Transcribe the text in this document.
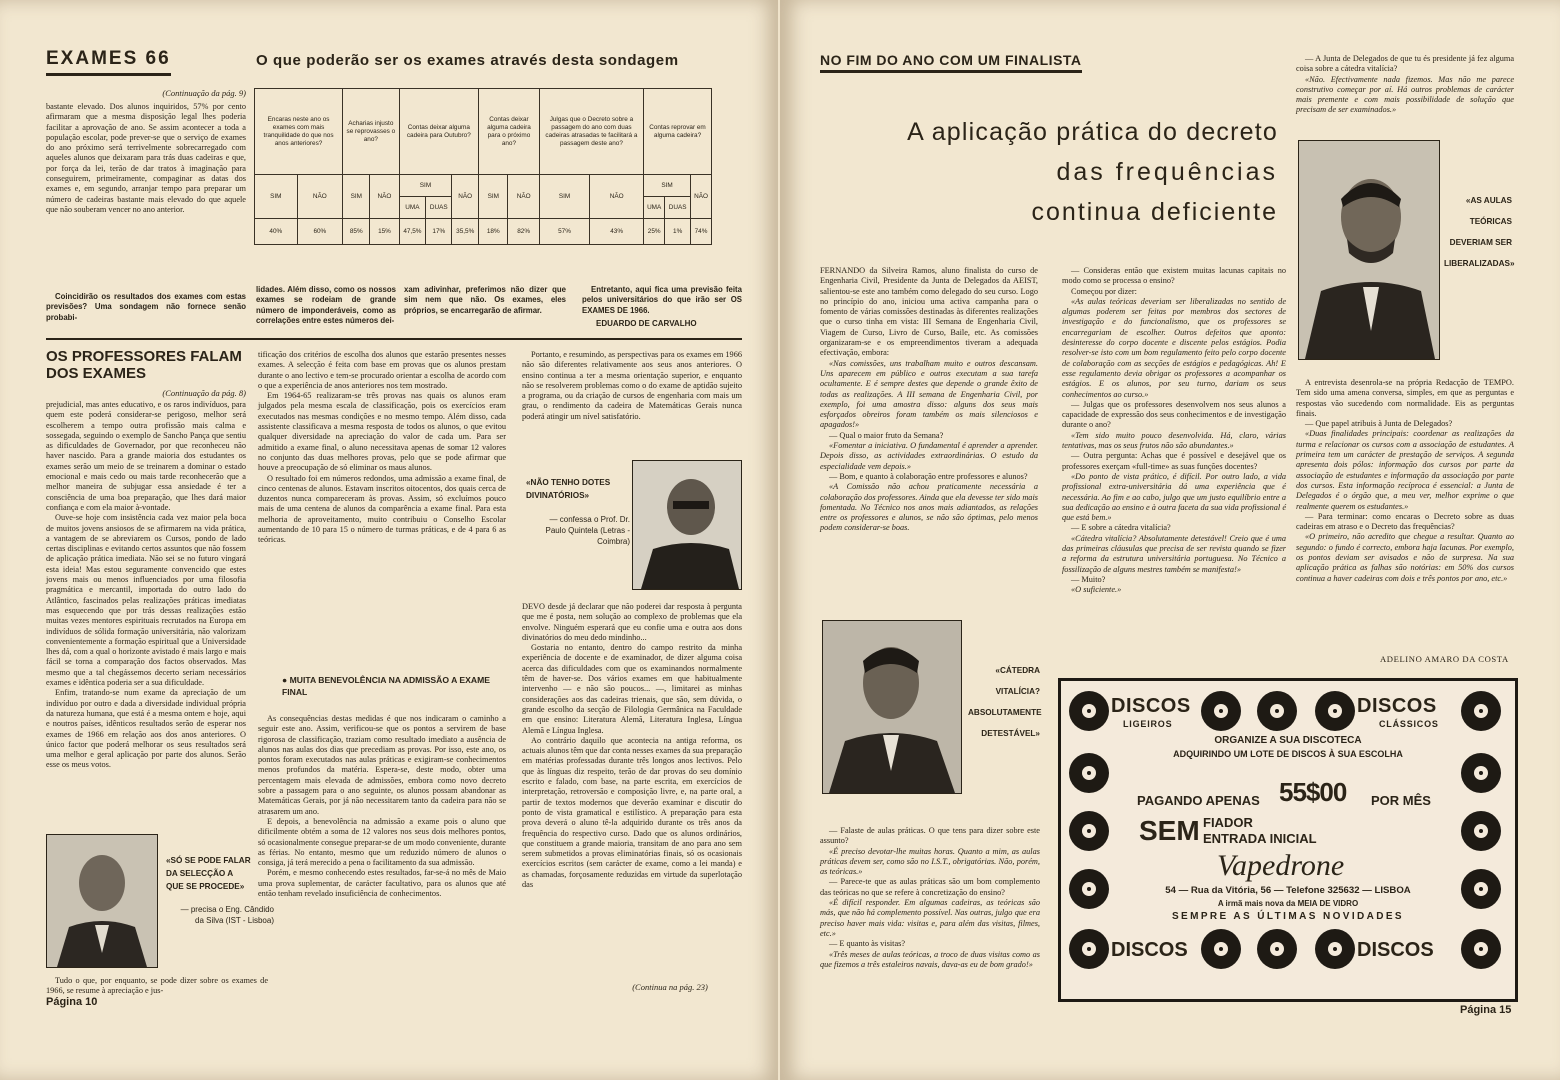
EXAMES 66	O que poderão ser os exames através desta sondagem
(Continuação da pág. 9)

bastante elevado. Dos alunos inquiridos, 57% por cento afirmaram que a mesma disposição legal lhes poderia facilitar a aprovação de ano. Se assim acontecer a toda a população escolar, pode prever-se que o serviço de exames do ano próximo será terrivelmente sobrecarregado com aqueles alunos que deixaram para trás duas cadeiras e que, por força da lei, terão de dar tratos à imaginação para conseguirem, primeiramente, compaginar as datas dos exames e, em segundo, arranjar tempo para preparar um número de cadeiras bastante mais elevado do que aquele que não souberam vencer no ano anterior.

Coincidirão os resultados dos exames com estas previsões? Uma sondagem não fornece senão probabi-

Encaras neste ano os exames com mais tranquilidade do que nos anos anteriores?		Acharias injusto se reprovasses o ano?		Contas deixar alguma cadeira para Outubro?			Contas deixar alguma cadeira para o próximo ano?		Julgas que o Decreto sobre a passagem do ano com duas cadeiras atrasadas te facilitará a passagem deste ano?		Contas reprovar em alguma cadeira?		
SIM	NÃO	SIM	NÃO	SIM		NÃO	SIM	NÃO	SIM	NÃO	SIM		NÃO
				UMA	DUAS						UMA	DUAS	
40%	60%	85%	15%	47,5%	17%	35,5%	18%	82%	57%	43%	25%	1%	74%

lidades. Além disso, como os nossos exames se rodeiam de grande número de imponderáveis, como as correlações entre estes números dei-

xam adivinhar, preferimos não dizer que sim nem que não. Os exames, eles próprios, se encarregarão de afirmar.

Entretanto, aqui fica uma previsão feita pelos universitários do que irão ser OS EXAMES DE 1966.

EDUARDO DE CARVALHO
OS PROFESSORES FALAM DOS EXAMES
(Continuação da pág. 8)

prejudicial, mas antes educativo, e os raros indivíduos, para quem este poderá considerar-se perigoso, melhor será escolherem a tempo outra profissão mais calma e sossegada, seguindo o exemplo de Sancho Pança que sentiu as dificuldades de Governador, por que reconheceu não haver nascido. Para a grande maioria dos estudantes os exames serão um meio de se treinarem a dominar o estado emocional e mais cedo ou mais tarde reconhecerão que a melhor maneira de subjugar essa ansiedade é ter a consciência de uma boa preparação, que lhes dará maior confiança e com ela maior à-vontade.

Ouve-se hoje com insistência cada vez maior pela boca de muitos jovens ansiosos de se afirmarem na vida prática, a vantagem de se abreviarem os Cursos, pondo de lado certas disciplinas e evitando certos assuntos que não fossem de aplicação prática imediata. Não sei se no futuro vingará esta ideia! Mas estou seguramente convencido que estes jovens mais ou menos influenciados por uma filosofia pragmática e mercantil, importada do outro lado do Atlântico, fascinados pelas realizações práticas imediatas mas esquecendo que por trás dessas realizações estão muitas vezes mentores espirituais recrutados na Europa em indivíduos de sólida formação universitária, não valorizam convenientemente a formação espiritual que a Universidade lhes dá, com a qual o horizonte avistado é mais largo e mais fácil se torna a comparação dos factos observados. Mas mesmo que a tal chegássemos decerto seriam necessários exames e idêntica poderia ser a sua dificuldade.

Enfim, tratando-se num exame da apreciação de um indivíduo por outro e dada a diversidade individual própria da natureza humana, que está é a mesma ontem e hoje, aqui e noutros países, idênticos resultados serão de esperar nos exames de 1966 em relação aos dos anos anteriores. O único factor que poderá melhorar os seus resultados será uma melhor e geral aplicação por parte dos alunos. Serão esse os meus votos.

«SÓ SE PODE FALAR DA SELECÇÃO A QUE SE PROCEDE»
— precisa o Eng. Cândido da Silva (IST - Lisboa)

Tudo o que, por enquanto, se pode dizer sobre os exames de 1966, se resume à apreciação e jus-

Página 10

tificação dos critérios de escolha dos alunos que estarão presentes nesses exames. A selecção é feita com base em provas que os alunos prestam durante o ano lectivo e tem-se procurado orientar a escolha de acordo com o que a experiência de anos anteriores nos tem mostrado.

Em 1964-65 realizaram-se três provas nas quais os alunos eram julgados pela mesma escala de classificação, pois os exercícios eram executados nas mesmas condições e no mesmo tempo. Além disso, cada assistente classificava a mesma resposta de todos os alunos, o que evitou qualquer diversidade na apreciação do valor de cada um. Para ser admitido a exame final, o aluno necessitava apenas de somar 12 valores no conjunto das duas melhores provas, pelo que se pode afirmar que houve a preocupação de só eliminar os maus alunos.

O resultado foi em números redondos, uma admissão a exame final, de cinco centenas de alunos. Estavam inscritos oitocentos, dos quais cerca de duzentos nunca compareceram às provas. Assim, só excluímos pouco mais de uma centena de alunos da comparência a exame final. Para esta melhoria de aproveitamento, muito contribuiu o Conselho Escolar aumentando de 10 para 15 o número de turmas práticas, e de 4 para 6 as teóricas.

● MUITA BENEVOLÊNCIA NA ADMISSÃO A EXAME FINAL

As consequências destas medidas é que nos indicaram o caminho a seguir este ano. Assim, verificou-se que os pontos a servirem de base rigorosa de classificação, traziam como resultado imediato a ausência de alunos nas aulas dos dias que precediam as provas. Por isso, este ano, os pontos foram executados nas aulas práticas e exigiram-se conhecimentos menos profundos da matéria. Espera-se, deste modo, obter uma percentagem mais elevada de admissões, embora como novo decreto sobre a passagem para o ano seguinte, os alunos possam abandonar as Matemáticas Gerais, por já não necessitarem tanto da cadeira para não se atrasarem um ano.

E depois, a benevolência na admissão a exame pois o aluno que dificilmente obtém a soma de 12 valores nos seus dois melhores pontos, só ocasionalmente consegue preparar-se de um modo conveniente, durante as férias. No entanto, mesmo que um reduzido número de alunos o consiga, já terá merecido a pena o facilitamento da sua admissão.

Porém, e mesmo conhecendo estes resultados, far-se-á no mês de Maio uma prova suplementar, de carácter facultativo, para os alunos que até então tenham revelado insuficiência de conhecimentos.

Portanto, e resumindo, as perspectivas para os exames em 1966 não são diferentes relativamente aos seus anos anteriores. O ensino continua a ter a mesma orientação superior, e enquanto não se resolverem problemas como o do exame de aptidão sujeito a programa, ou da criação de cursos de engenharia com mais um grau, o rendimento da cadeira de Matemáticas Gerais nunca poderá atingir um nível satisfatório.

«NÃO TENHO DOTES DIVINATÓRIOS»
— confessa o Prof. Dr. Paulo Quintela (Letras - Coimbra)

DEVO desde já declarar que não poderei dar resposta à pergunta que me é posta, nem solução ao complexo de problemas que ela envolve. Ninguém esperará que eu confie uma e outra aos dons divinatórios do meu dedo mindinho...

Gostaria no entanto, dentro do campo restrito da minha experiência de docente e de examinador, de dizer alguma coisa acerca das dificuldades com que os examinandos normalmente têm de haver-se. Dos vários exames em que habitualmente intervenho — e não são poucos... —, limitarei as minhas considerações aos das cadeiras trienais, que são, sem dúvida, o grande escolho da secção de Filologia Germânica na Faculdade em que ensino: Literatura Alemã, Literatura Inglesa, Língua Alemã e Língua Inglesa.

Ao contrário daquilo que acontecia na antiga reforma, os actuais alunos têm que dar conta nesses exames da sua preparação em matérias professadas durante três longos anos lectivos. Pelo que às línguas diz respeito, terão de dar provas do seu domínio escrito e falado, com base, na parte escrita, em exercícios de interpretação, retroversão e composição livre, e, na parte oral, a partir de textos modernos que deverão examinar e discutir do ponto de vista gramatical e estilístico. A preparação para esta prova deverá o aluno tê-la adquirido durante os três anos da frequência do respectivo curso. Dado que os alunos ordinários, que constituem a grande maioria, transitam de ano para ano sem serem submetidos a provas eliminatórias finais, só os ocasionais exercícios escritos (sem carácter de exame, como a lei manda) e as chamadas, forçosamente reduzidas em virtude da superlotação das

(Continua na pág. 23)
NO FIM DO ANO COM UM FINALISTA
A aplicação prática do decreto
das frequências
continua deficiente

FERNANDO da Silveira Ramos, aluno finalista do curso de Engenharia Civil, Presidente da Junta de Delegados da AEIST, salientou-se este ano também como delegado do seu curso. Logo no princípio do ano, iniciou uma activa campanha para o fomento de várias comissões destinadas às diferentes realizações que o curso tinha em vista: III Semana de Engenharia Civil, Viagem de Curso, Livro de Curso, Baile, etc. As comissões organizaram-se e os empreendimentos tiveram a adequada efectivação, embora:

«Nas comissões, uns trabalham muito e outros descansam. Uns aparecem em público e outros executam a sua tarefa ocultamente. E é sempre destes que depende o grande êxito de todas as realizações. A III semana de Engenharia Civil, por exemplo, foi uma amostra disso: alguns dos seus mais esforçados obreiros foram também os mais silenciosos e apagados!»

— Qual o maior fruto da Semana?

«Fomentar a iniciativa. O fundamental é aprender a aprender. Depois disso, as actividades extraordinárias. O estudo da especialidade vem depois.»

— Bom, e quanto à colaboração entre professores e alunos?

«A Comissão não achou praticamente necessária a colaboração dos professores. Ainda que ela devesse ter sido mais fomentada. No Técnico nos anos mais adiantados, as relações entre os professores e alunos, se não são óptimas, pelo menos podem considerar-se boas.

«CÁTEDRA VITALÍCIA? ABSOLUTAMENTE DETESTÁVEL»

— Falaste de aulas práticas. O que tens para dizer sobre este assunto?

«É preciso devotar-lhe muitas horas. Quanto a mim, as aulas práticas devem ser, como são no I.S.T., obrigatórias. Não, porém, as teóricas.»

— Parece-te que as aulas práticas são um bom complemento das teóricas no que se refere à concretização do ensino?

«É difícil responder. Em algumas cadeiras, as teóricas são más, que não há complemento possível. Nas outras, julgo que era preciso haver mais vida: visitas e, para além das visitas, filmes, etc.»

— E quanto às visitas?

«Três meses de aulas teóricas, a troco de duas visitas como as que fizemos a três estaleiros navais, dava-as eu de bom grado!»

— Consideras então que existem muitas lacunas capitais no modo como se processa o ensino?

Começou por dizer:

«As aulas teóricas deveriam ser liberalizadas no sentido de algumas poderem ser feitas por membros dos sectores de investigação e do funcionalismo, que os professores se encarregariam de escolher. Outros defeitos que aponto: desinteresse do corpo docente e discente pelos estágios. Podia resolver-se isto com um bom regulamento feito pelo corpo docente de colaboração com as secções de estágios e pedagógicas. Ah! E esse regulamento devia obrigar os professores a acompanhar os estágios. E os alunos, por seu turno, dariam os seus conhecimentos ao curso.»

— Julgas que os professores desenvolvem nos seus alunos a capacidade de expressão dos seus conhecimentos e de investigação durante o ano?

«Tem sido muito pouco desenvolvida. Há, claro, várias tentativas, mas os seus frutos não são abundantes.»

— Outra pergunta: Achas que é possível e desejável que os professores exerçam «full-time» as suas funções docentes?

«Do ponto de vista prático, é difícil. Por outro lado, a vida profissional extra-universitária dá uma experiência que é necessária. Ao fim e ao cabo, julgo que um justo equilíbrio entre a sua dedicação ao ensino e à outra faceta da sua vida profissional é que está bem.»

— E sobre a cátedra vitalícia?

«Cátedra vitalícia? Absolutamente detestável! Creio que é uma das primeiras cláusulas que precisa de ser revista quando se fizer a reforma da estrutura universitária portuguesa. No Técnico a fossilização de alguns mestres também se manifesta!»

— Muito?

«O suficiente.»

— A Junta de Delegados de que tu és presidente já fez alguma coisa sobre a cátedra vitalícia?

«Não. Efectivamente nada fizemos. Mas não me parece construtivo começar por aí. Há outros problemas de carácter mais premente e com mais possibilidade de solução que precisam de ser examinados.»

«AS AULAS TEÓRICAS DEVERIAM SER LIBERALIZADAS»

A entrevista desenrola-se na própria Redacção de TEMPO. Tem sido uma amena conversa, simples, em que as perguntas e respostas vão sucedendo com normalidade. Eis as perguntas finais.

— Que papel atribuis à Junta de Delegados?

«Duas finalidades principais: coordenar as realizações da turma e relacionar os cursos com a associação de estudantes. A primeira tem um carácter de prestação de serviços. A segunda apresenta dois pólos: informação dos cursos por parte da associação de estudantes e informação da associação por parte dos cursos. Esta informação recíproca é essencial: a Junta de Delegados é o órgão que, a meu ver, melhor exprime o que realmente querem os estudantes.»

— Para terminar: como encaras o Decreto sobre as duas cadeiras em atraso e o Decreto das frequências?

«O primeiro, não acredito que chegue a resultar. Quanto ao segundo: o fundo é correcto, embora haja lacunas. Por exemplo, os pontos deviam ser avisados e não de surpresa. Na sua aplicação prática as falhas são notórias: em 50% dos cursos continua a haver cadeiras com dois e três pontos por ano, etc.»

ADELINO AMARO DA COSTA
Página 15
DISCOS
LIGEIROS
DISCOS
CLÁSSICOS
ORGANIZE A SUA DISCOTECA
ADQUIRINDO UM LOTE DE DISCOS À SUA ESCOLHA
PAGANDO APENAS 55$00 POR MÊS
SEM FIADOR
ENTRADA INICIAL
Vapedrone
54 — Rua da Vitória, 56 — Telefone 325632 — LISBOA
A irmã mais nova da MEIA DE VIDRO
SEMPRE AS ÚLTIMAS NOVIDADES
DISCOS	DISCOS
